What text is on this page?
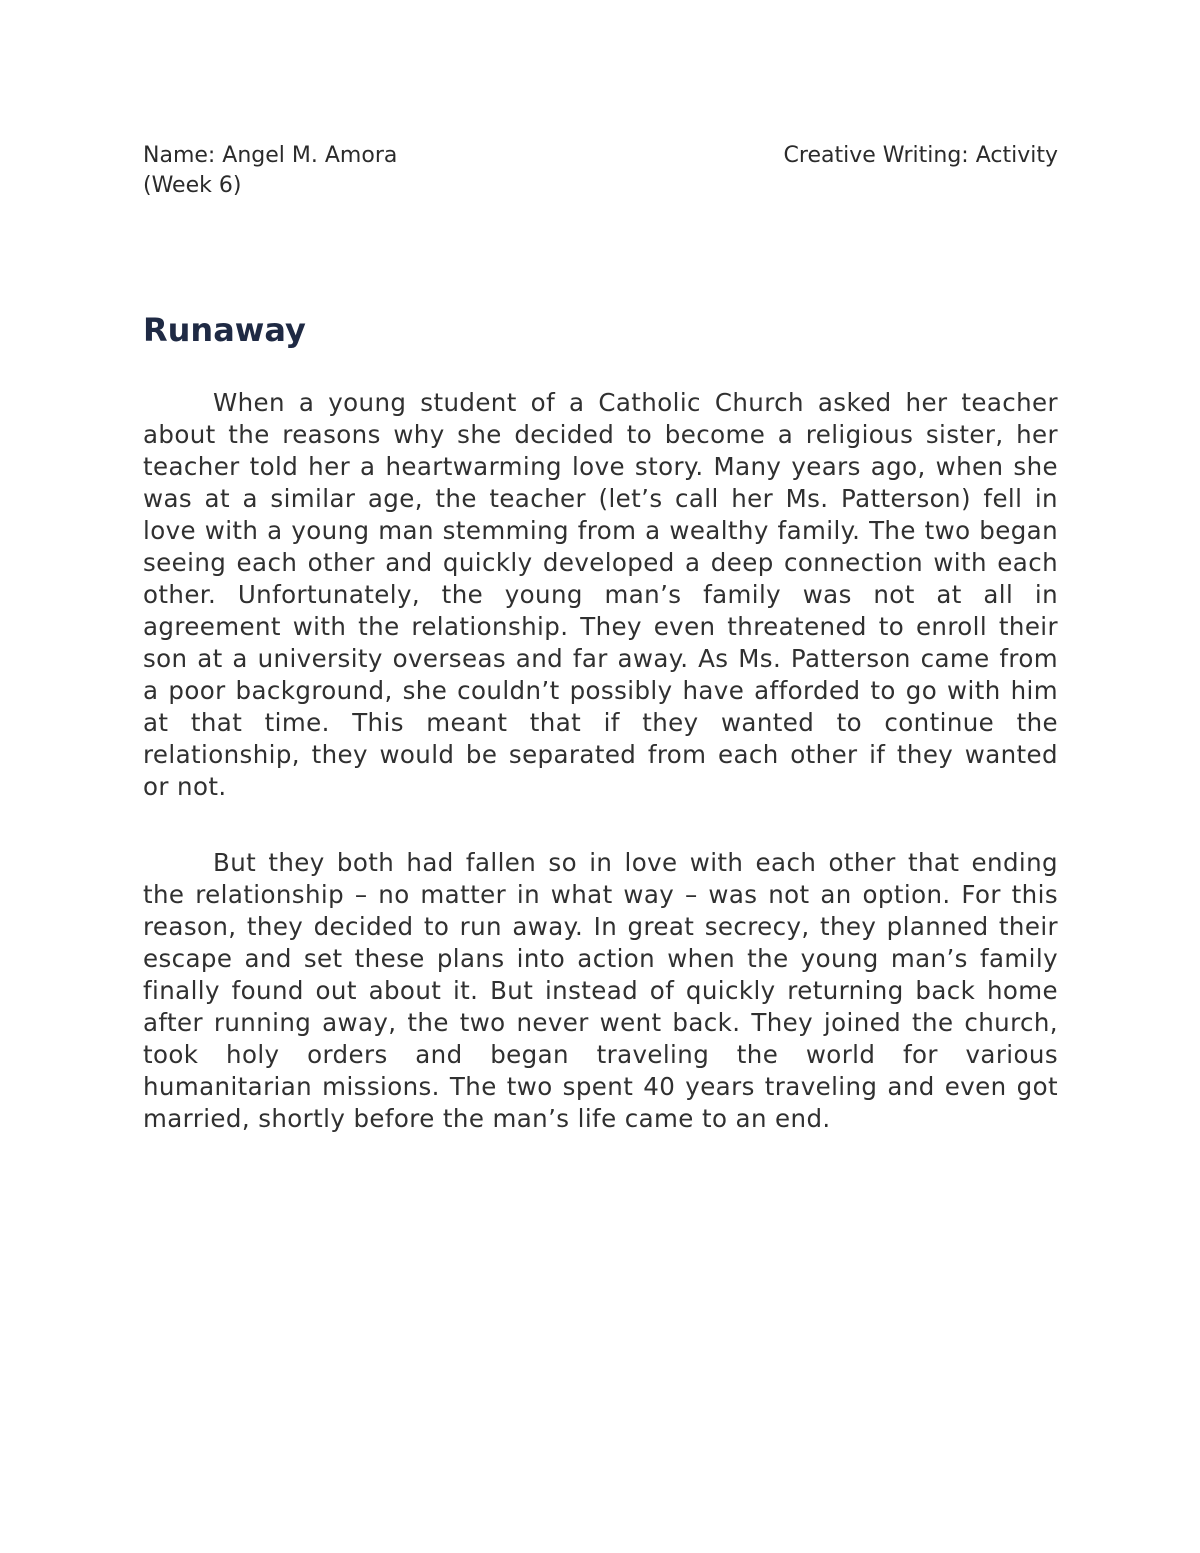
Name: Angel M. Amora	Creative Writing: Activity
(Week 6)
Runaway

When a young student of a Catholic Church asked her teacher about the reasons why she decided to become a religious sister, her teacher told her a heartwarming love story. Many years ago, when she was at a similar age, the teacher (let’s call her Ms. Patterson) fell in love with a young man stemming from a wealthy family. The two began seeing each other and quickly developed a deep connection with each other. Unfortunately, the young man’s family was not at all in agreement with the relationship. They even threatened to enroll their son at a university overseas and far away. As Ms. Patterson came from a poor background, she couldn’t possibly have afforded to go with him at that time. This meant that if they wanted to continue the relationship, they would be separated from each other if they wanted or not.

But they both had fallen so in love with each other that ending the relationship – no matter in what way – was not an option. For this reason, they decided to run away. In great secrecy, they planned their escape and set these plans into action when the young man’s family finally found out about it. But instead of quickly returning back home after running away, the two never went back. They joined the church, took holy orders and began traveling the world for various humanitarian missions. The two spent 40 years traveling and even got married, shortly before the man’s life came to an end.
